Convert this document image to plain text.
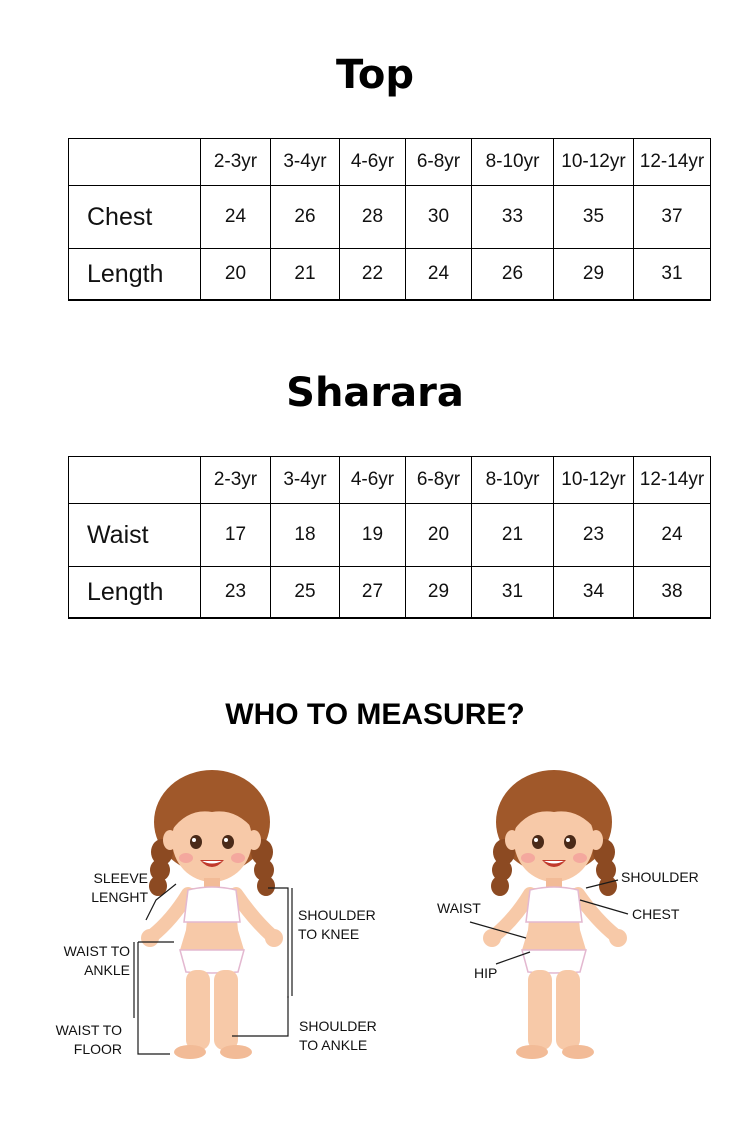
Top
	2-3yr	3-4yr	4-6yr	6-8yr	8-10yr	10-12yr	12-14yr
Chest	24	26	28	30	33	35	37
Length	20	21	22	24	26	29	31
Sharara
	2-3yr	3-4yr	4-6yr	6-8yr	8-10yr	10-12yr	12-14yr
Waist	17	18	19	20	21	23	24
Length	23	25	27	29	31	34	38
WHO TO MEASURE?
SLEEVE
LENGHT
WAIST TO
ANKLE
WAIST TO
FLOOR
SHOULDER
TO KNEE
SHOULDER
TO ANKLE
SHOULDER
WAIST	CHEST
HIP
